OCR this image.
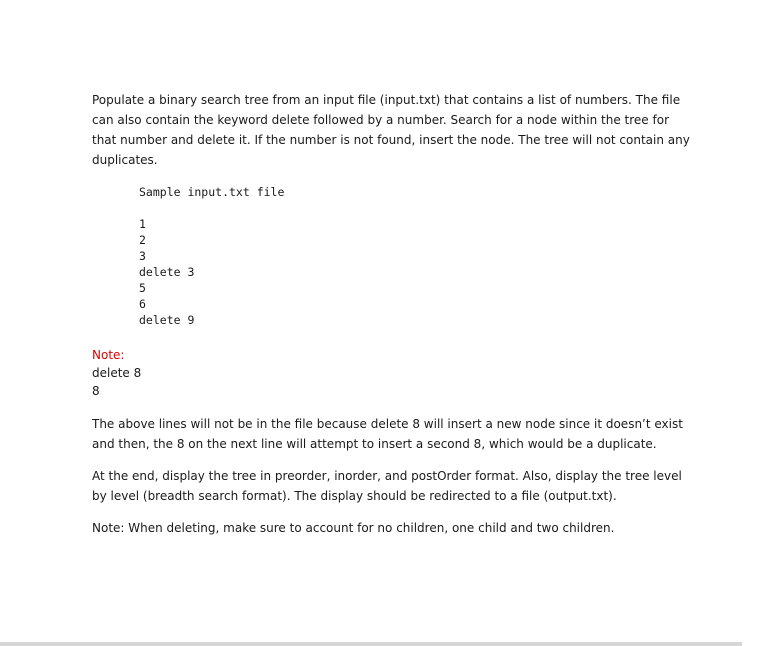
Populate a binary search tree from an input file (input.txt) that contains a list of numbers. The file can also contain the keyword delete followed by a number. Search for a node within the tree for that number and delete it. If the number is not found, insert the node. The tree will not contain any duplicates.
Sample input.txt file
1
2
3
delete 3
5
6
delete 9
Note:
delete 8
8
The above lines will not be in the file because delete 8 will insert a new node since it doesn’t exist and then, the 8 on the next line will attempt to insert a second 8, which would be a duplicate.
At the end, display the tree in preorder, inorder, and postOrder format. Also, display the tree level by level (breadth search format). The display should be redirected to a file (output.txt).
Note: When deleting, make sure to account for no children, one child and two children.
